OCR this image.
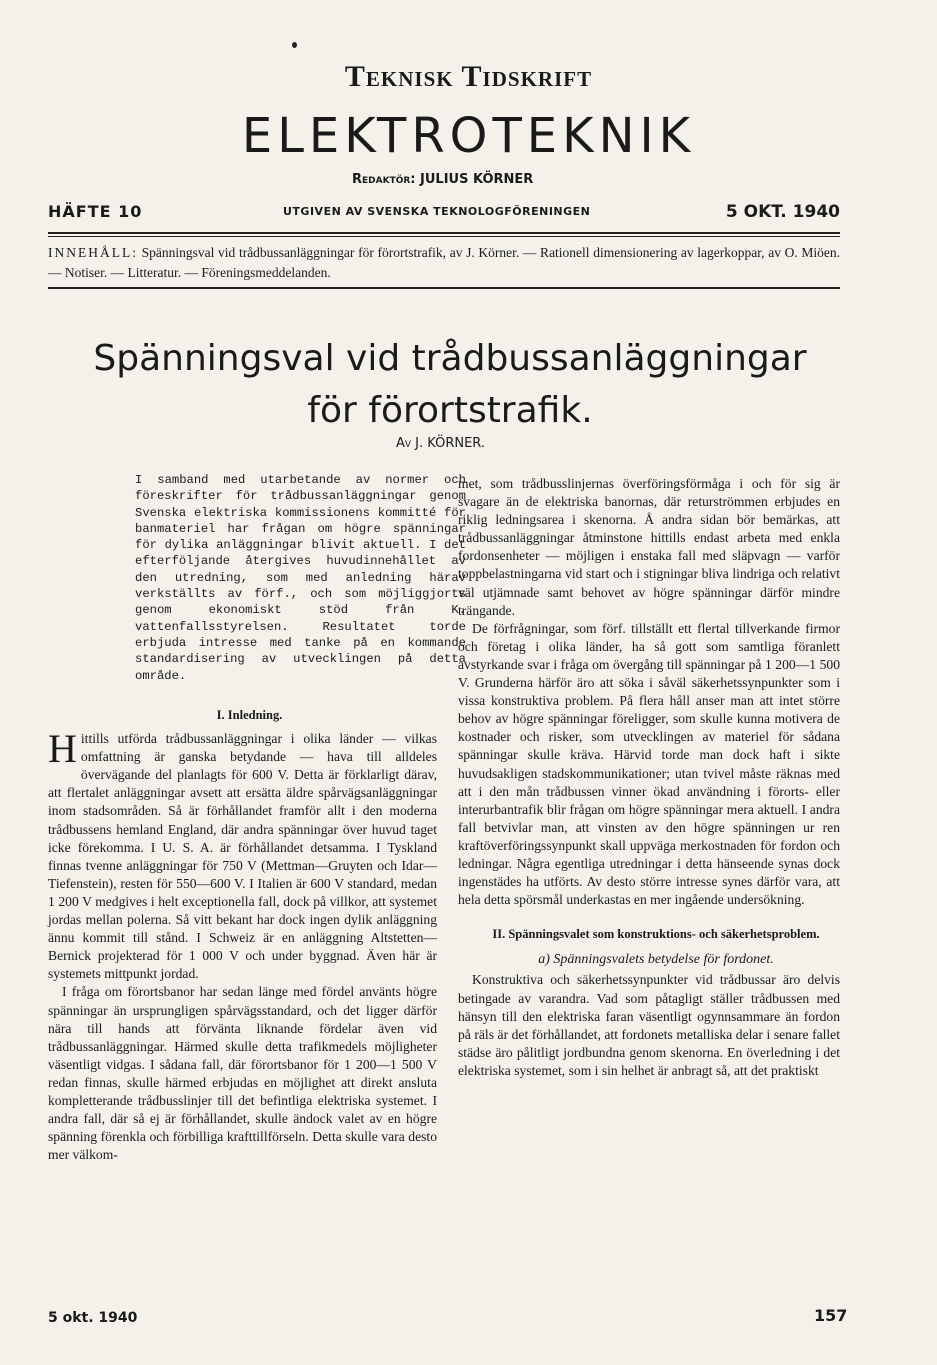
Teknisk Tidskrift
ELEKTROTEKNIK
Redaktör: JULIUS KÖRNER
HÄFTE 10	UTGIVEN AV SVENSKA TEKNOLOGFÖRENINGEN	5 OKT. 1940
INNEHÅLL: Spänningsval vid trådbussanläggningar för förortstrafik, av J. Körner. — Rationell dimensionering av lagerkoppar, av O. Miöen. — Notiser. — Litteratur. — Föreningsmeddelanden.
Spänningsval vid trådbussanläggningar
för förortstrafik.
Av J. KÖRNER.
I samband med utarbetande av normer och föreskrifter för trådbussanläggningar genom Svenska elektriska kommissionens kommitté för banmateriel har frågan om högre spänningar för dylika anläggningar blivit aktuell. I det efterföljande återgives huvudinnehållet av den utredning, som med anledning härav verkställts av förf., och som möjliggjorts genom ekonomiskt stöd från K. vattenfallsstyrelsen. Resultatet torde erbjuda intresse med tanke på en kommande standardisering av utvecklingen på detta område.

I. Inledning.

H ittills utförda trådbussanläggningar i olika länder — vilkas omfattning är ganska betydande — hava till alldeles övervägande del planlagts för 600 V. Detta är förklarligt därav, att flertalet anläggningar avsett att ersätta äldre spårvägsanläggningar inom stadsområden. Så är förhållandet framför allt i den moderna trådbussens hemland England, där andra spänningar över huvud taget icke förekomma. I U. S. A. är förhållandet detsamma. I Tyskland finnas tvenne anläggningar för 750 V (Mettman—Gruyten och Idar—Tiefenstein), resten för 550—600 V. I Italien är 600 V standard, medan 1 200 V medgives i helt exceptionella fall, dock på villkor, att systemet jordas mellan polerna. Så vitt bekant har dock ingen dylik anläggning ännu kommit till stånd. I Schweiz är en anläggning Altstetten—Bernick projekterad för 1 000 V och under byggnad. Även här är systemets mittpunkt jordad.

I fråga om förortsbanor har sedan länge med fördel använts högre spänningar än ursprungligen spårvägsstandard, och det ligger därför nära till hands att förvänta liknande fördelar även vid trådbussanläggningar. Härmed skulle detta trafikmedels möjligheter väsentligt vidgas. I sådana fall, där förortsbanor för 1 200—1 500 V redan finnas, skulle härmed erbjudas en möjlighet att direkt ansluta kompletterande trådbusslinjer till det befintliga elektriska systemet. I andra fall, där så ej är förhållandet, skulle ändock valet av en högre spänning förenkla och förbilliga krafttillförseln. Detta skulle vara desto mer välkom-

met, som trådbusslinjernas överföringsförmåga i och för sig är svagare än de elektriska banornas, där returströmmen erbjudes en riklig ledningsarea i skenorna. Å andra sidan bör bemärkas, att trådbussanläggningar åtminstone hittills endast arbeta med enkla fordonsenheter — möjligen i enstaka fall med släpvagn — varför toppbelastningarna vid start och i stigningar bliva lindriga och relativt väl utjämnade samt behovet av högre spänningar därför mindre trängande.

De förfrågningar, som förf. tillställt ett flertal tillverkande firmor och företag i olika länder, ha så gott som samtliga föranlett avstyrkande svar i fråga om övergång till spänningar på 1 200—1 500 V. Grunderna härför äro att söka i såväl säkerhetssynpunkter som i vissa konstruktiva problem. På flera håll anser man att intet större behov av högre spänningar föreligger, som skulle kunna motivera de kostnader och risker, som utvecklingen av materiel för sådana spänningar skulle kräva. Härvid torde man dock haft i sikte huvudsakligen stadskommunikationer; utan tvivel måste räknas med att i den mån trådbussen vinner ökad användning i förorts- eller interurbantrafik blir frågan om högre spänningar mera aktuell. I andra fall betvivlar man, att vinsten av den högre spänningen ur ren kraftöverföringssynpunkt skall uppväga merkostnaden för fordon och ledningar. Några egentliga utredningar i detta hänseende synas dock ingenstädes ha utförts. Av desto större intresse synes därför vara, att hela detta spörsmål underkastas en mer ingående undersökning.

II. Spänningsvalet som konstruktions- och säkerhetsproblem.

a) Spänningsvalets betydelse för fordonet.

Konstruktiva och säkerhetssynpunkter vid trådbussar äro delvis betingade av varandra. Vad som påtagligt ställer trådbussen med hänsyn till den elektriska faran väsentligt ogynnsammare än fordon på räls är det förhållandet, att fordonets metalliska delar i senare fallet städse äro pålitligt jordbundna genom skenorna. En överledning i det elektriska systemet, som i sin helhet är anbragt så, att det praktiskt

5 okt. 1940	157
